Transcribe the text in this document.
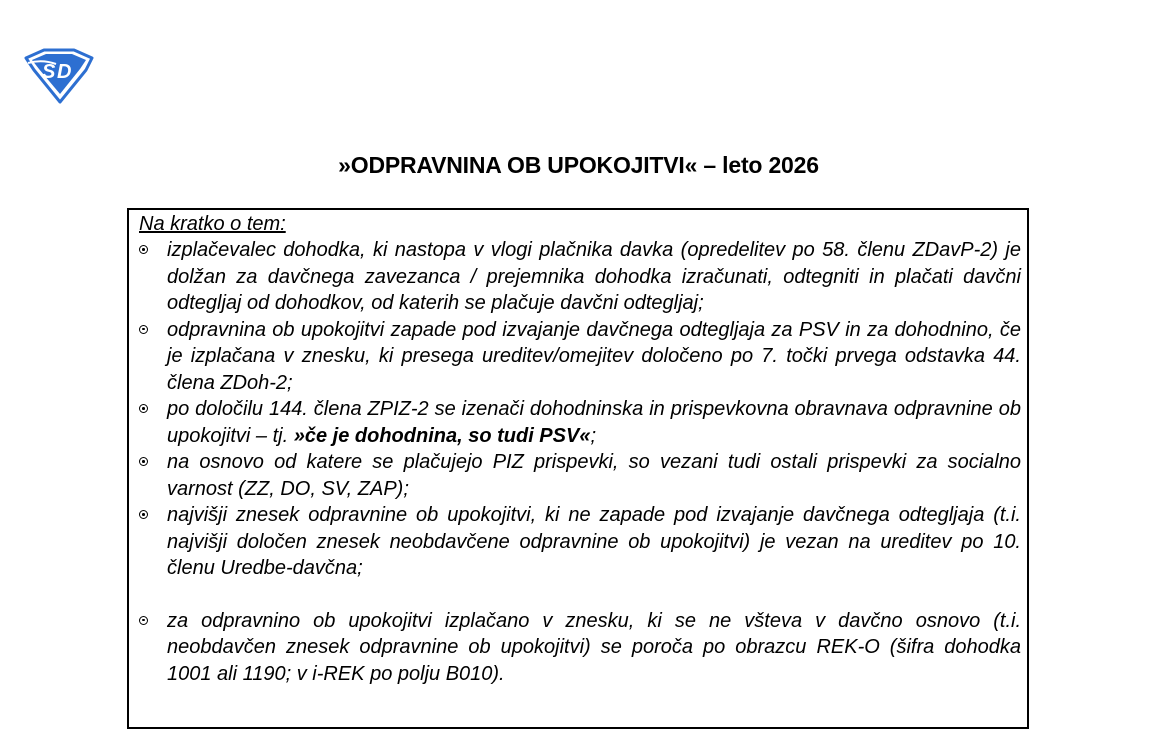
S D
»ODPRAVNINA OB UPOKOJITVI« – leto 2026
Na kratko o tem:
izplačevalec dohodka, ki nastopa v vlogi plačnika davka (opredelitev po 58. členu ZDavP-2) je dolžan za davčnega zavezanca / prejemnika dohodka izračunati, odtegniti in plačati davčni odtegljaj od dohodkov, od katerih se plačuje davčni odtegljaj;
odpravnina ob upokojitvi zapade pod izvajanje davčnega odtegljaja za PSV in za dohodnino, če je izplačana v znesku, ki presega ureditev/omejitev določeno po 7. točki prvega odstavka 44. člena ZDoh-2;
po določilu 144. člena ZPIZ-2 se izenači dohodninska in prispevkovna obravnava odpravnine ob upokojitvi – tj. »če je dohodnina, so tudi PSV«;
na osnovo od katere se plačujejo PIZ prispevki, so vezani tudi ostali prispevki za socialno varnost (ZZ, DO, SV, ZAP);
najvišji znesek odpravnine ob upokojitvi, ki ne zapade pod izvajanje davčnega odtegljaja (t.i. najvišji določen znesek neobdavčene odpravnine ob upokojitvi) je vezan na ureditev po 10. členu Uredbe-davčna;
za odpravnino ob upokojitvi izplačano v znesku, ki se ne všteva v davčno osnovo (t.i. neobdavčen znesek odpravnine ob upokojitvi) se poroča po obrazcu REK-O (šifra dohodka 1001 ali 1190; v i-REK po polju B010).
